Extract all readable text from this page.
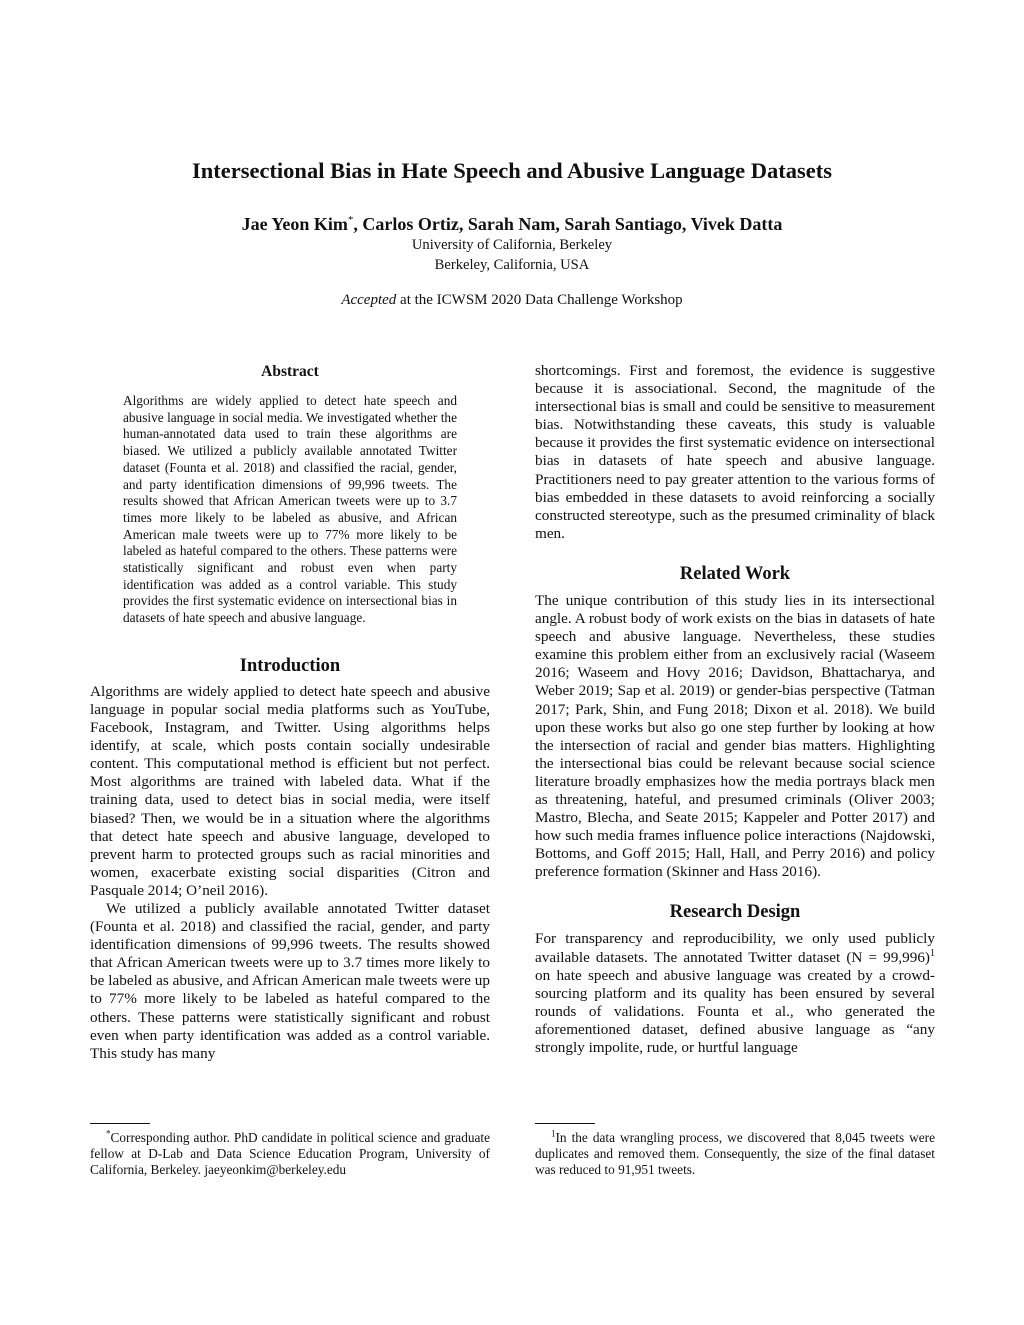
Intersectional Bias in Hate Speech and Abusive Language Datasets
Jae Yeon Kim*, Carlos Ortiz, Sarah Nam, Sarah Santiago, Vivek Datta
University of California, Berkeley
Berkeley, California, USA
Accepted at the ICWSM 2020 Data Challenge Workshop
Abstract

Algorithms are widely applied to detect hate speech and abusive language in social media. We investigated whether the human-annotated data used to train these algorithms are biased. We utilized a publicly available annotated Twitter dataset (Founta et al. 2018) and classified the racial, gender, and party identification dimensions of 99,996 tweets. The results showed that African American tweets were up to 3.7 times more likely to be labeled as abusive, and African American male tweets were up to 77% more likely to be labeled as hateful compared to the others. These patterns were statistically significant and robust even when party identification was added as a control variable. This study provides the first systematic evidence on intersectional bias in datasets of hate speech and abusive language.

Introduction

Algorithms are widely applied to detect hate speech and abusive language in popular social media platforms such as YouTube, Facebook, Instagram, and Twitter. Using algorithms helps identify, at scale, which posts contain socially undesirable content. This computational method is efficient but not perfect. Most algorithms are trained with labeled data. What if the training data, used to detect bias in social media, were itself biased? Then, we would be in a situation where the algorithms that detect hate speech and abusive language, developed to prevent harm to protected groups such as racial minorities and women, exacerbate existing social disparities (Citron and Pasquale 2014; O’neil 2016).

We utilized a publicly available annotated Twitter dataset (Founta et al. 2018) and classified the racial, gender, and party identification dimensions of 99,996 tweets. The results showed that African American tweets were up to 3.7 times more likely to be labeled as abusive, and African American male tweets were up to 77% more likely to be labeled as hateful compared to the others. These patterns were statistically significant and robust even when party identification was added as a control variable. This study has many

*Corresponding author. PhD candidate in political science and graduate fellow at D-Lab and Data Science Education Program, University of California, Berkeley. jaeyeonkim@berkeley.edu

shortcomings. First and foremost, the evidence is suggestive because it is associational. Second, the magnitude of the intersectional bias is small and could be sensitive to measurement bias. Notwithstanding these caveats, this study is valuable because it provides the first systematic evidence on intersectional bias in datasets of hate speech and abusive language. Practitioners need to pay greater attention to the various forms of bias embedded in these datasets to avoid reinforcing a socially constructed stereotype, such as the presumed criminality of black men.

Related Work

The unique contribution of this study lies in its intersectional angle. A robust body of work exists on the bias in datasets of hate speech and abusive language. Nevertheless, these studies examine this problem either from an exclusively racial (Waseem 2016; Waseem and Hovy 2016; Davidson, Bhattacharya, and Weber 2019; Sap et al. 2019) or gender-bias perspective (Tatman 2017; Park, Shin, and Fung 2018; Dixon et al. 2018). We build upon these works but also go one step further by looking at how the intersection of racial and gender bias matters. Highlighting the intersectional bias could be relevant because social science literature broadly emphasizes how the media portrays black men as threatening, hateful, and presumed criminals (Oliver 2003; Mastro, Blecha, and Seate 2015; Kappeler and Potter 2017) and how such media frames influence police interactions (Najdowski, Bottoms, and Goff 2015; Hall, Hall, and Perry 2016) and policy preference formation (Skinner and Hass 2016).

Research Design

For transparency and reproducibility, we only used publicly available datasets. The annotated Twitter dataset (N = 99,996)$^1$ on hate speech and abusive language was created by a crowd-sourcing platform and its quality has been ensured by several rounds of validations. Founta et al., who generated the aforementioned dataset, defined abusive language as “any strongly impolite, rude, or hurtful language

$^1$In the data wrangling process, we discovered that 8,045 tweets were duplicates and removed them. Consequently, the size of the final dataset was reduced to 91,951 tweets.
